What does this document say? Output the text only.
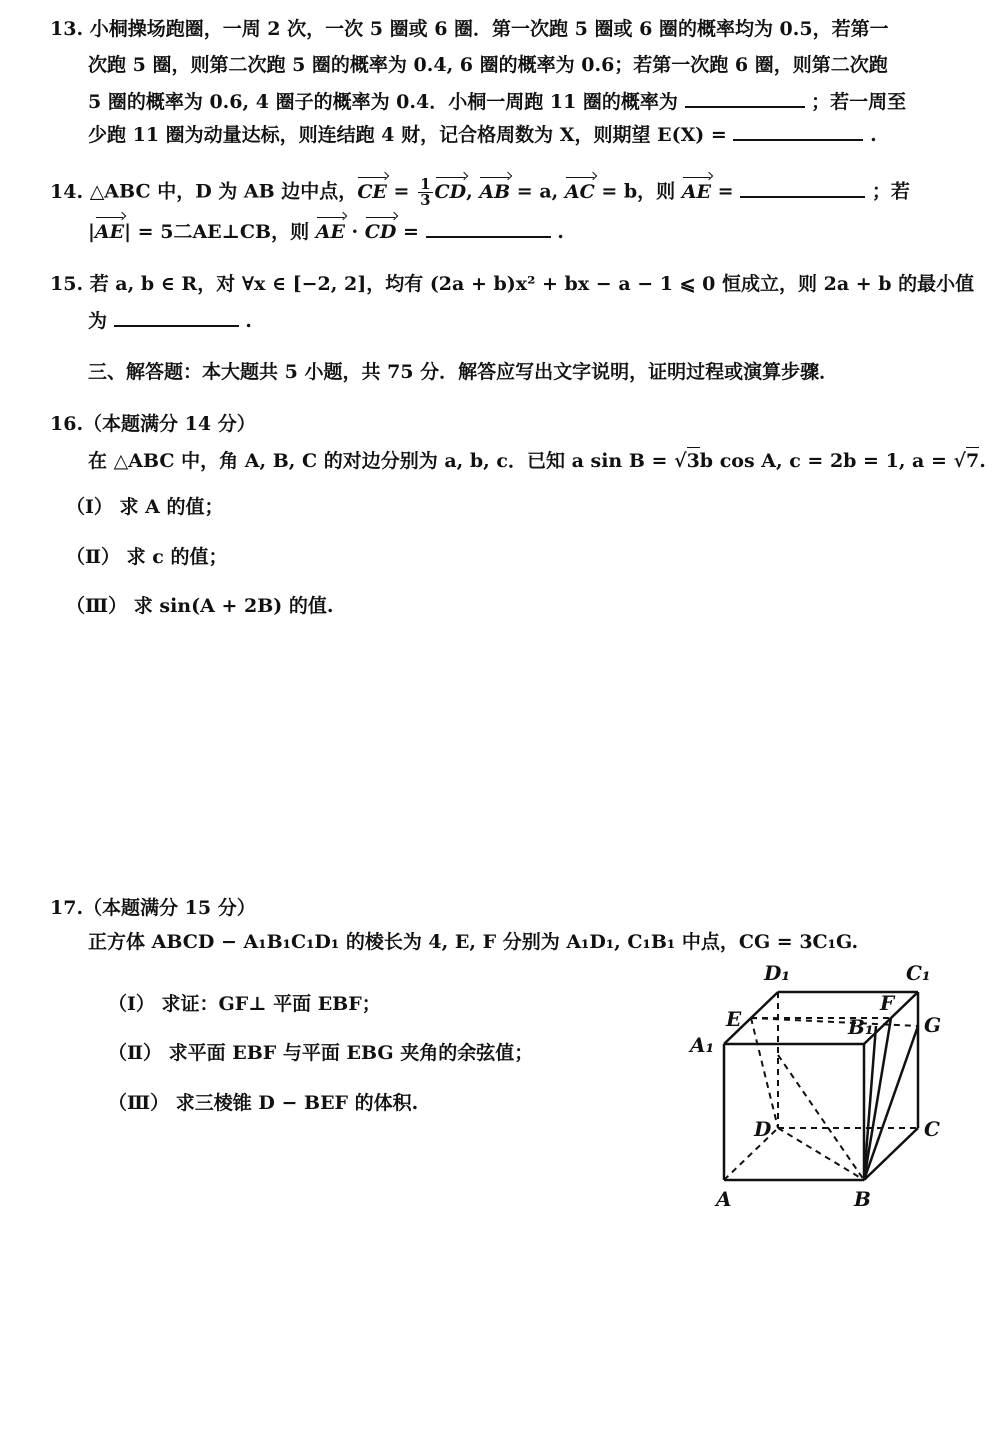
13. 小桐操场跑圈，一周 2 次，一次 5 圈或 6 圈．第一次跑 5 圈或 6 圈的概率均为 0.5，若第一
次跑 5 圈，则第二次跑 5 圈的概率为 0.4, 6 圈的概率为 0.6；若第一次跑 6 圈，则第二次跑
5 圈的概率为 0.6, 4 圈子的概率为 0.4．小桐一周跑 11 圈的概率为	；若一周至
少跑 11 圈为动量达标，则连结跑 4 财，记合格周数为 X，则期望 E(X) =	.
14. △ABC 中，D 为 AB 边中点，CE = $\frac{1}{3}$ CD, AB = a, AC = b，则 AE =	；若
|AE| = 5二AE⊥CB，则 AE · CD =	.
15. 若 a, b ∈ R，对 ∀x ∈ [−2, 2]，均有 (2a + b)x² + bx − a − 1 ⩽ 0 恒成立，则 2a + b 的最小值
为	.
三、解答题：本大题共 5 小题，共 75 分．解答应写出文字说明，证明过程或演算步骤．
16.（本题满分 14 分）
在 △ABC 中，角 A, B, C 的对边分别为 a, b, c．已知 a sin B = √3b cos A, c = 2b = 1, a = √7.
（Ⅰ） 求 A 的值；
（Ⅱ） 求 c 的值；
（Ⅲ） 求 sin(A + 2B) 的值.
17.（本题满分 15 分）
正方体 ABCD − A₁B₁C₁D₁ 的棱长为 4, E, F 分别为 A₁D₁, C₁B₁ 中点，CG = 3C₁G.
（Ⅰ） 求证：GF⊥ 平面 EBF；
（Ⅱ） 求平面 EBF 与平面 EBG 夹角的余弦值；
（Ⅲ） 求三棱锥 D − BEF 的体积.
D₁	C₁
E
F
B₁	G
A₁
D	C
A	B
